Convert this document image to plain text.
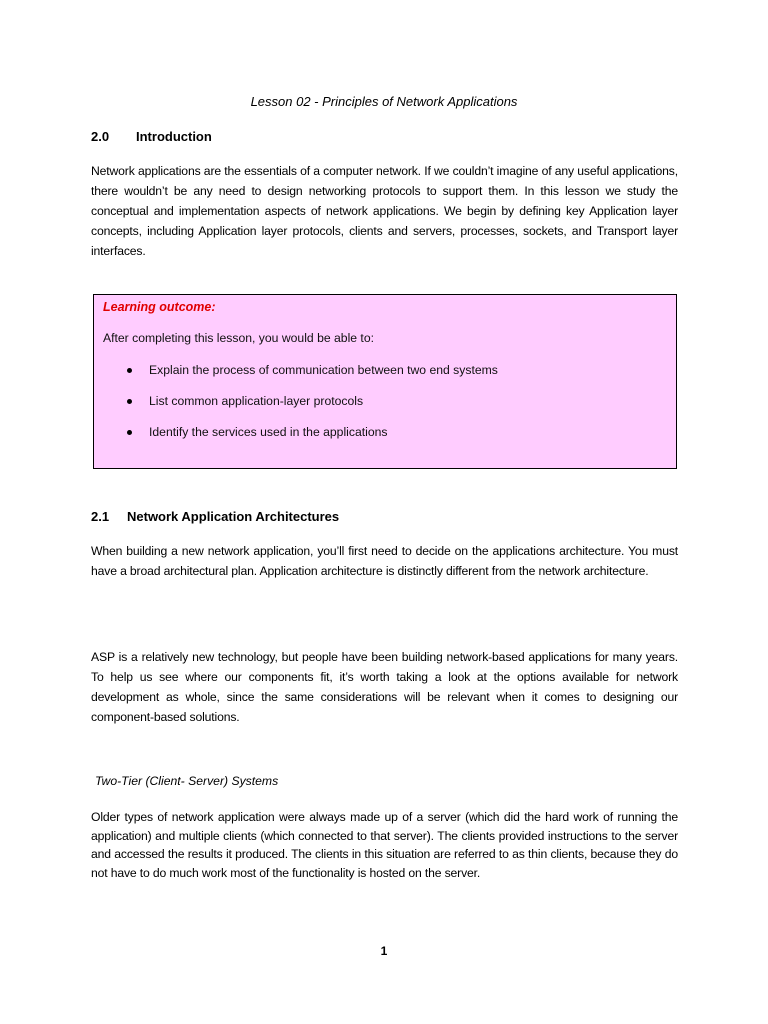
Lesson 02 - Principles of Network Applications
2.0 Introduction
Network applications are the essentials of a computer network. If we couldn’t imagine of any useful applications, there wouldn’t be any need to design networking protocols to support them. In this lesson we study the conceptual and implementation aspects of network applications. We begin by defining key Application layer concepts, including Application layer protocols, clients and servers, processes, sockets, and Transport layer interfaces.
Learning outcome:
After completing this lesson, you would be able to:
Explain the process of communication between two end systems
List common application-layer protocols
Identify the services used in the applications
2.1 Network Application Architectures
When building a new network application, you’ll first need to decide on the applications architecture. You must have a broad architectural plan. Application architecture is distinctly different from the network architecture.
ASP is a relatively new technology, but people have been building network-based applications for many years. To help us see where our components fit, it’s worth taking a look at the options available for network development as whole, since the same considerations will be relevant when it comes to designing our component-based solutions.
Two-Tier (Client- Server) Systems
Older types of network application were always made up of a server (which did the hard work of running the application) and multiple clients (which connected to that server). The clients provided instructions to the server and accessed the results it produced. The clients in this situation are referred to as thin clients, because they do not have to do much work most of the functionality is hosted on the server.
1
